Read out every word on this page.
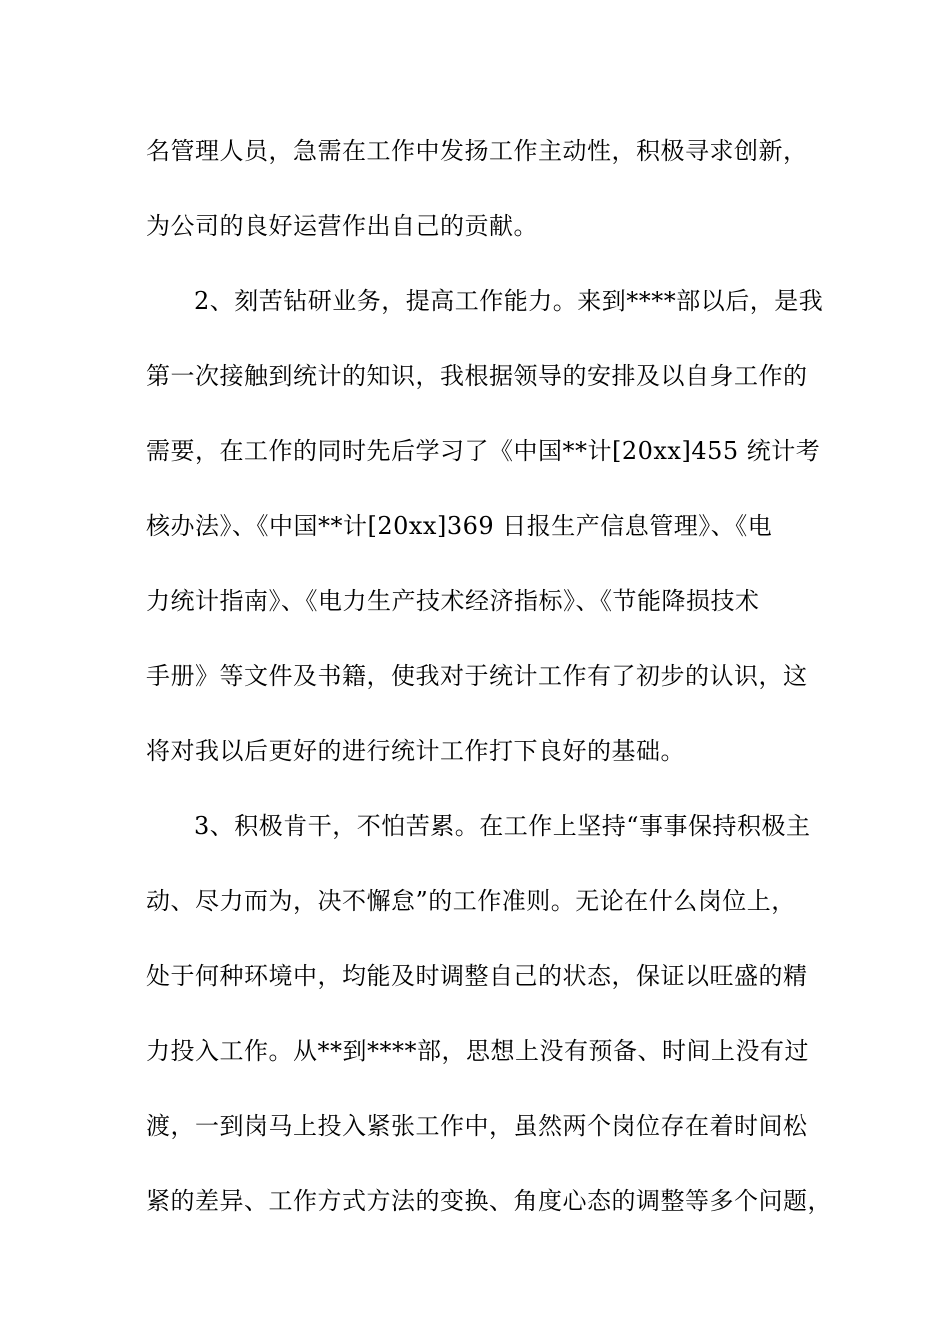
名管理人员，急需在工作中发扬工作主动性，积极寻求创新，
为公司的良好运营作出自己的贡献。
2、刻苦钻研业务，提高工作能力。来到****部以后，是我
第一次接触到统计的知识，我根据领导的安排及以自身工作的
需要，在工作的同时先后学习了《中国**计[20xx]455 统计考
核办法》、《中国**计[20xx]369 日报生产信息管理》、《电
力统计指南》、《电力生产技术经济指标》、《节能降损技术
手册》等文件及书籍，使我对于统计工作有了初步的认识，这
将对我以后更好的进行统计工作打下良好的基础。
3、积极肯干，不怕苦累。在工作上坚持“事事保持积极主
动、尽力而为，决不懈怠”的工作准则。无论在什么岗位上，
处于何种环境中，均能及时调整自己的状态，保证以旺盛的精
力投入工作。从**到****部，思想上没有预备、时间上没有过
渡，一到岗马上投入紧张工作中，虽然两个岗位存在着时间松
紧的差异、工作方式方法的变换、角度心态的调整等多个问题，
